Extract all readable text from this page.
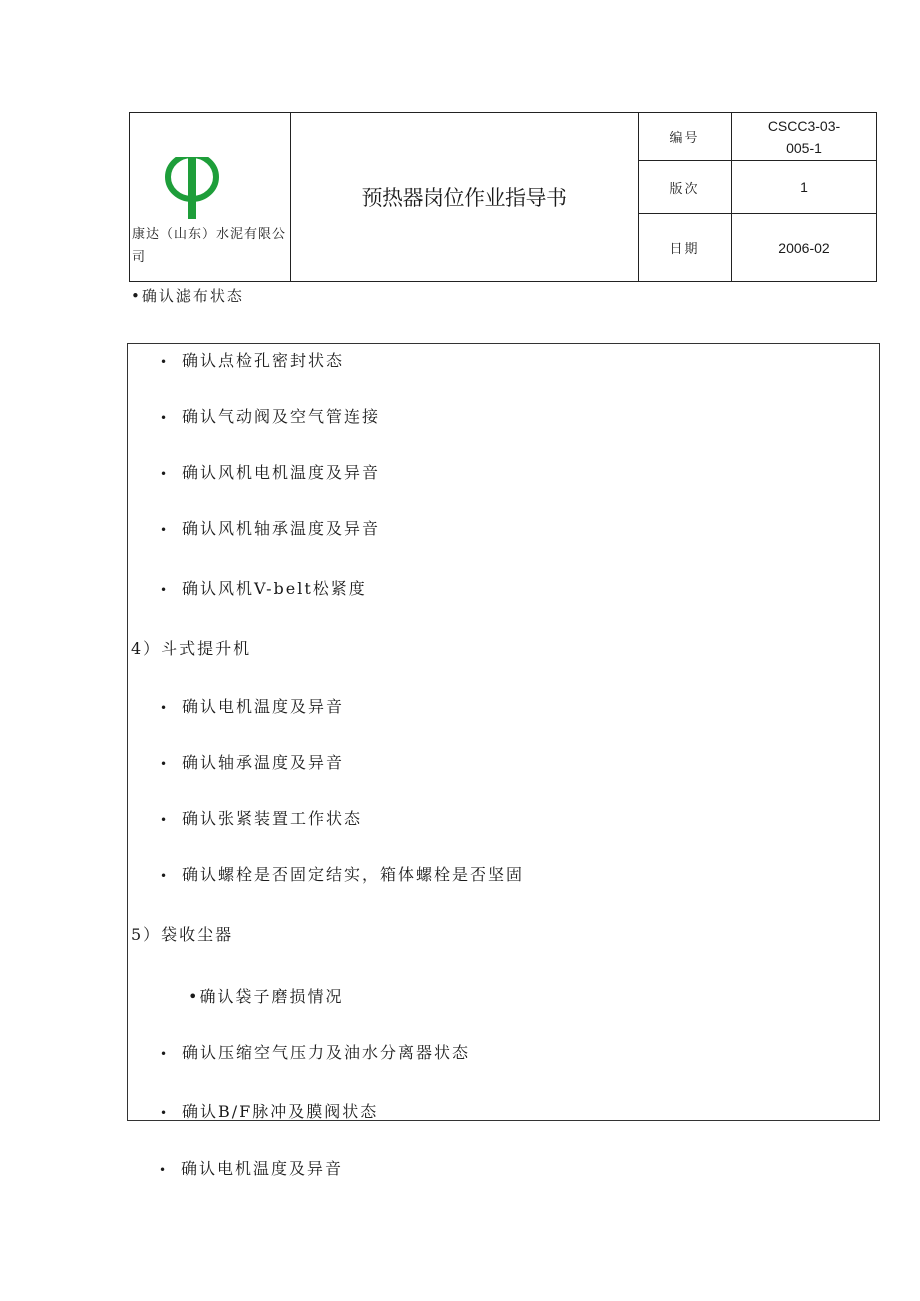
康达（山东）水泥有限公司
预热器岗位作业指导书
编号
CSCC3-03-005-1
版次	1
日期	2006-02
•确认滤布状态
• 确认点检孔密封状态
• 确认气动阀及空气管连接
• 确认风机电机温度及异音
• 确认风机轴承温度及异音
• 确认风机V-belt松紧度
4）斗式提升机
• 确认电机温度及异音
• 确认轴承温度及异音
• 确认张紧装置工作状态
• 确认螺栓是否固定结实，箱体螺栓是否坚固
5）袋收尘器
•确认袋子磨损情况
• 确认压缩空气压力及油水分离器状态
• 确认B/F脉冲及膜阀状态
• 确认电机温度及异音
